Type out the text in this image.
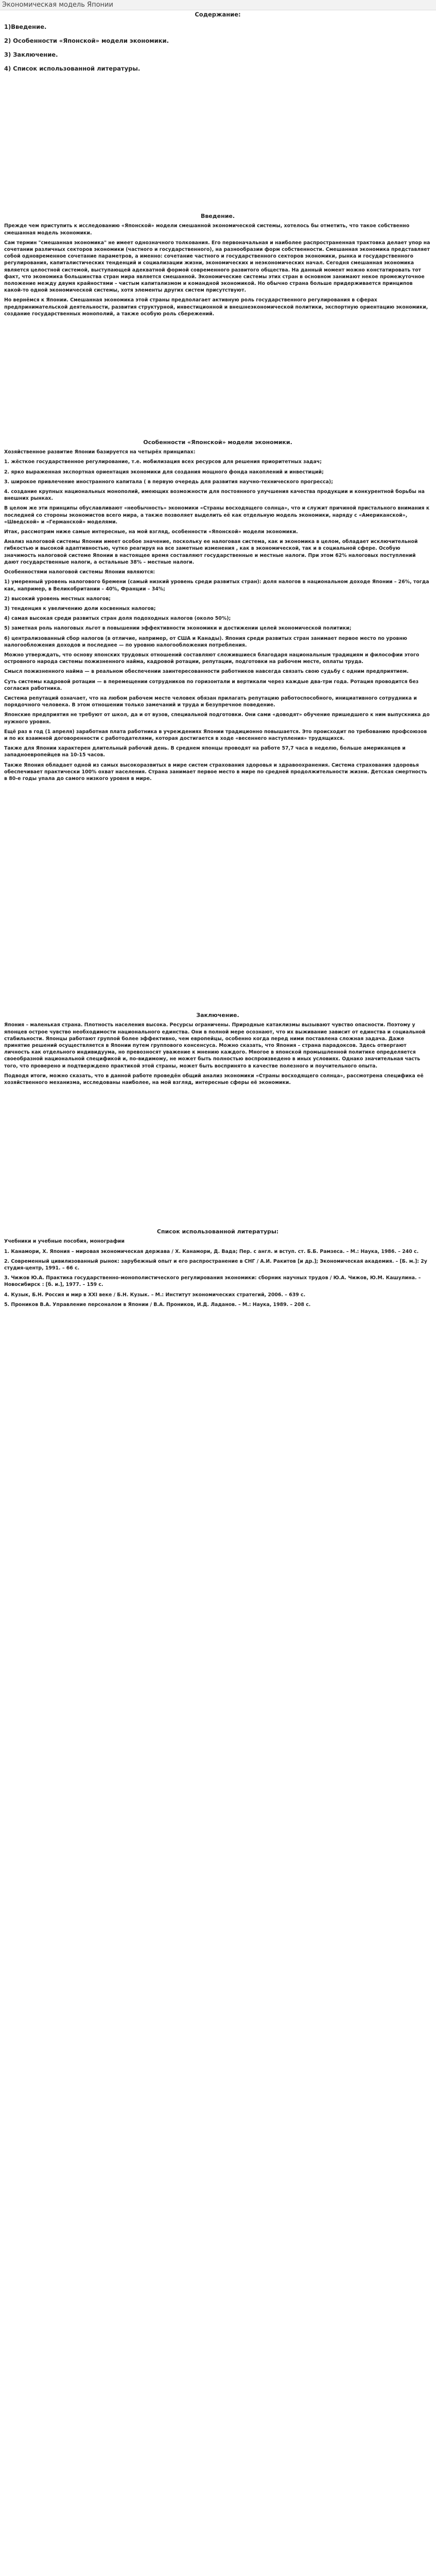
Экономическая модель Японии

Содержание:

1)Введение.

2) Особенности «Японской» модели экономики.

3) Заключение.

4) Список использованной литературы.

Введение.

Прежде чем приступить к исследованию «Японской» модели смешанной экономической системы, хотелось бы отметить, что такое собственно смешанная модель экономики.

Сам термин "смешанная экономика" не имеет однозначного толкования. Его первоначальная и наиболее распространенная трактовка делает упор на сочетании различных секторов экономики (частного и государственного), на разнообразии форм собственности. Смешанная экономика представляет собой одновременное сочетание параметров, а именно: сочетание частного и государственного секторов экономики, рынка и государственного регулирования, капиталистических тенденций и социализации жизни, экономических и неэкономических начал. Сегодня смешанная экономика является целостной системой, выступающей адекватной формой современного развитого общества. На данный момент можно констатировать тот факт, что экономика большинства стран мира является смешанной. Экономические системы этих стран в основном занимают некое промежуточное положение между двумя крайностями – чистым капитализмом и командной экономикой. Но обычно страна больше придерживается принципов какой-то одной экономической системы, хотя элементы других систем присутствуют.

Но вернёмся к Японии. Смешанная экономика этой страны предполагает активную роль государственного регулирования в сферах предпринимательской деятельности, развития структурной, инвестиционной и внешнеэкономической политики, экспортную ориентацию экономики, создание государственных монополий, а также особую роль сбережений.

Особенности «Японской» модели экономики.

Хозяйственное развитие Японии базируется на четырёх принципах:

1. жёсткое государственное регулирование, т.е. мобилизация всех ресурсов для решения приоритетных задач;

2. ярко выраженная экспортная ориентация экономики для создания мощного фонда накоплений и инвестиций;

3. широкое привлечение иностранного капитала ( в первую очередь для развития научно-технического прогресса);

4. создание крупных национальных монополий, имеющих возможности для постоянного улучшения качества продукции и конкурентной борьбы на внешних рынках.

В целом же эти принципы обуславливают «необычность» экономики «Страны восходящего солнца», что и служит причиной пристального внимания к последней со стороны экономистов всего мира, а также позволяет выделить её как отдельную модель экономики, наряду с «Американской», «Шведской» и «Германской» моделями.

Итак, рассмотрим ниже самые интересные, на мой взгляд, особенности «Японской» модели экономики.

Анализ налоговой системы Японии имеет особое значение, поскольку ее налоговая система, как и экономика в целом, обладает исключительной гибкостью и высокой адаптивностью, чутко реагируя на все заметные изменения , как в экономической, так и в социальной сфере. Особую значимость налоговой системе Японии в настоящее время составляют государственные и местные налоги. При этом 62% налоговых поступлений дают государственные налоги, а остальные 38% – местные налоги.

Особенностями налоговой системы Японии являются:

1) умеренный уровень налогового бремени (самый низкий уровень среди развитых стран): доля налогов в национальном доходе Японии – 26%, тогда как, например, в Великобритании – 40%, Франции – 34%;

2) высокий уровень местных налогов;

3) тенденция к увеличению доли косвенных налогов;

4) самая высокая среди развитых стран доля подоходных налогов (около 50%);

5) заметная роль налоговых льгот в повышении эффективности экономики и достижении целей экономической политики;

6) централизованный сбор налогов (в отличие, например, от США и Канады). Япония среди развитых стран занимает первое место по уровню налогообложения доходов и последнее — по уровню налогообложения потребления.

Можно утверждать, что основу японских трудовых отношений составляют сложившиеся благодаря национальным традициям и философии этого островного народа системы пожизненного найма, кадровой ротации, репутации, подготовки на рабочем месте, оплаты труда.

Смысл пожизненного найма — в реальном обеспечении заинтересованности работников навсегда связать свою судьбу с одним предприятием.

Суть системы кадровой ротации — в перемещении сотрудников по горизонтали и вертикали через каждые два-три года. Ротация проводится без согласия работника.

Система репутаций означает, что на любом рабочем месте человек обязан прилагать репутацию работоспособного, инициативного сотрудника и порядочного человека. В этом отношении только замечаний и труда и безупречное поведение.

Японские предприятия не требуют от школ, да и от вузов, специальной подготовки. Они сами «доводят» обучение пришедшего к ним выпускника до нужного уровня.

Ещё раз в год (1 апреля) заработная плата работника в учреждениях Японии традиционно повышается. Это происходит по требованию профсоюзов и по их взаимной договоренности с работодателями, которая достигается в ходе «весеннего наступления» трудящихся.

Также для Японии характерен длительный рабочий день. В среднем японцы проводят на работе 57,7 часа в неделю, больше американцев и западноевропейцев на 10-15 часов.

Также Япония обладает одной из самых высокоразвитых в мире систем страхования здоровья и здравоохранения. Система страхования здоровья обеспечивает практически 100% охват населения. Страна занимает первое место в мире по средней продолжительности жизни. Детская смертность в 80-е годы упала до самого низкого уровня в мире.

Заключение.

Япония – маленькая страна. Плотность населения высока. Ресурсы ограничены. Природные катаклизмы вызывают чувство опасности. Поэтому у японцев острое чувство необходимости национального единства. Они в полной мере осознают, что их выживание зависит от единства и социальной стабильности. Японцы работают группой более эффективно, чем европейцы, особенно когда перед ними поставлена сложная задача. Даже принятие решений осуществляется в Японии путем группового консенсуса. Можно сказать, что Япония – страна парадоксов. Здесь отвергают личность как отдельного индивидуума, но превозносят уважение к мнению каждого. Многое в японской промышленной политике определяется своеобразной национальной спецификой и, по-видимому, не может быть полностью воспроизведено в иных условиях. Однако значительная часть того, что проверено и подтверждено практикой этой страны, может быть воспринято в качестве полезного и поучительного опыта.

Подводя итоги, можно сказать, что в данной работе проведён общий анализ экономики «Страны восходящего солнца», рассмотрена специфика её хозяйственного механизма, исследованы наиболее, на мой взгляд, интересные сферы её экономики.

Список использованной литературы:

Учебники и учебные пособия, монографии

1. Канамори, Х. Япония – мировая экономическая держава / Х. Канамори, Д. Вада; Пер. с англ. и вступ. ст. Б.Б. Рамзеса. – М.: Наука, 1986. – 240 с.

2. Современный цивилизованный рынок: зарубежный опыт и его распространение в СНГ / А.И. Ракитов [и др.]; Экономическая академия. – [Б. м.]: 2у студия-центр, 1991. – 66 с.

3. Чижов Ю.А. Практика государственно-монополистического регулирования экономики: сборник научных трудов / Ю.А. Чижов, Ю.М. Кашулина. – Новосибирск : [б. и.], 1977. – 159 с.

4. Кузык, Б.Н. Россия и мир в XXI веке / Б.Н. Кузык. – М.: Институт экономических стратегий, 2006. – 639 с.

5. Проников В.А. Управление персоналом в Японии / В.А. Проников, И.Д. Ладанов. – М.: Наука, 1989. – 208 с.
